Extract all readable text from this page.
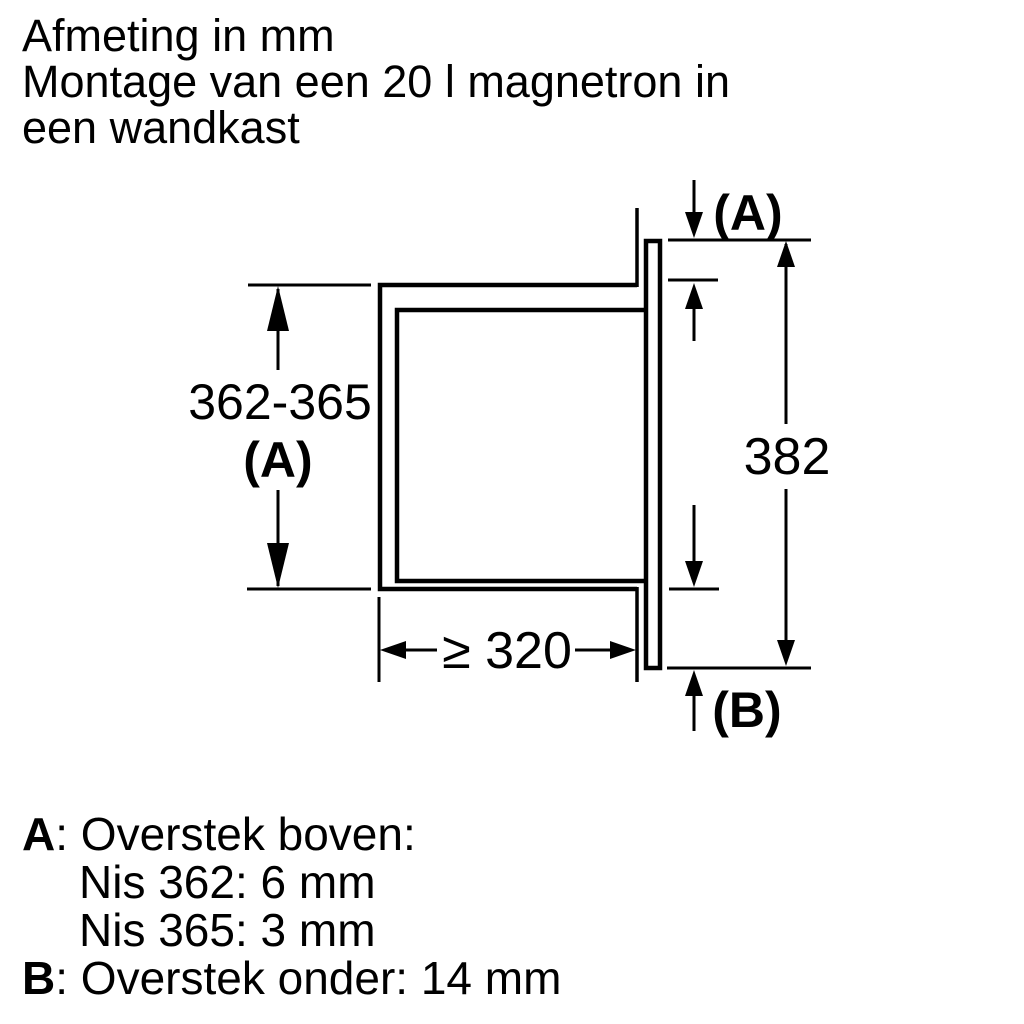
Afmeting in mm
Montage van een 20 l magnetron in
een wandkast
362-365
(A)
(A)
382
(B)
≥ 320
A: Overstek boven:
Nis 362: 6 mm
Nis 365: 3 mm
B: Overstek onder: 14 mm
